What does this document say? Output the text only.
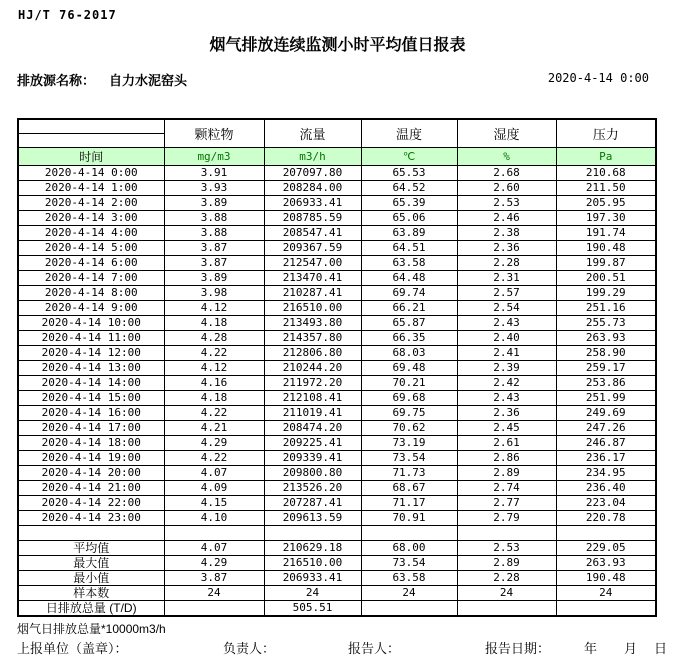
HJ/T 76-2017
烟气排放连续监测小时平均值日报表
排放源名称： 自力水泥窑头	2020-4-14 0:00
	颗粒物	流量	温度	湿度	压力

时间	mg/m3	m3/h	℃	%	Pa
2020-4-14 0:00	3.91	207097.80	65.53	2.68	210.68
2020-4-14 1:00	3.93	208284.00	64.52	2.60	211.50
2020-4-14 2:00	3.89	206933.41	65.39	2.53	205.95
2020-4-14 3:00	3.88	208785.59	65.06	2.46	197.30
2020-4-14 4:00	3.88	208547.41	63.89	2.38	191.74
2020-4-14 5:00	3.87	209367.59	64.51	2.36	190.48
2020-4-14 6:00	3.87	212547.00	63.58	2.28	199.87
2020-4-14 7:00	3.89	213470.41	64.48	2.31	200.51
2020-4-14 8:00	3.98	210287.41	69.74	2.57	199.29
2020-4-14 9:00	4.12	216510.00	66.21	2.54	251.16
2020-4-14 10:00	4.18	213493.80	65.87	2.43	255.73
2020-4-14 11:00	4.28	214357.80	66.35	2.40	263.93
2020-4-14 12:00	4.22	212806.80	68.03	2.41	258.90
2020-4-14 13:00	4.12	210244.20	69.48	2.39	259.17
2020-4-14 14:00	4.16	211972.20	70.21	2.42	253.86
2020-4-14 15:00	4.18	212108.41	69.68	2.43	251.99
2020-4-14 16:00	4.22	211019.41	69.75	2.36	249.69
2020-4-14 17:00	4.21	208474.20	70.62	2.45	247.26
2020-4-14 18:00	4.29	209225.41	73.19	2.61	246.87
2020-4-14 19:00	4.22	209339.41	73.54	2.86	236.17
2020-4-14 20:00	4.07	209800.80	71.73	2.89	234.95
2020-4-14 21:00	4.09	213526.20	68.67	2.74	236.40
2020-4-14 22:00	4.15	207287.41	71.17	2.77	223.04
2020-4-14 23:00	4.10	209613.59	70.91	2.79	220.78

平均值	4.07	210629.18	68.00	2.53	229.05
最大值	4.29	216510.00	73.54	2.89	263.93
最小值	3.87	206933.41	63.58	2.28	190.48
样本数	24	24	24	24	24
日排放总量 (T/D)		505.51			
烟气日排放总量*10000m3/h
上报单位（盖章）：	负责人：	报告人：	报告日期：	年 月 日
